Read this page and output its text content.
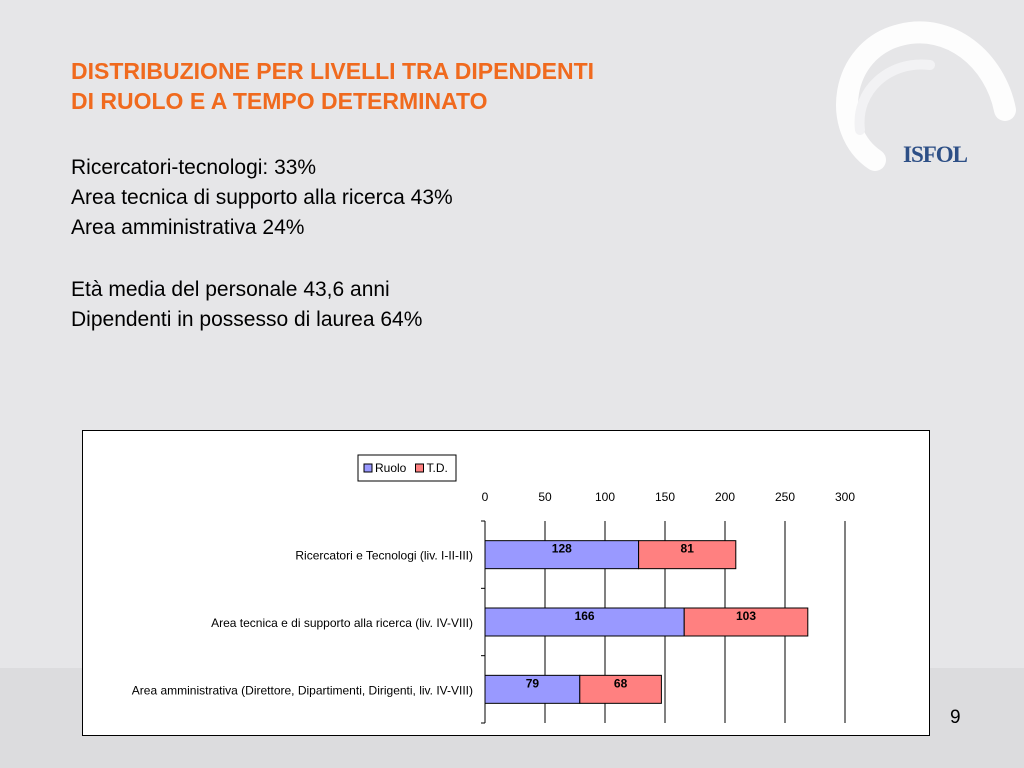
ISFOL
DISTRIBUZIONE PER LIVELLI TRA DIPENDENTI
DI RUOLO E A TEMPO DETERMINATO
Ricercatori-tecnologi: 33%
Area tecnica di supporto alla ricerca 43%
Area amministrativa 24%
Età media del personale 43,6 anni
Dipendenti in possesso di laurea 64%
0	50	100	150	200	250	300
Ricercatori e Tecnologi (liv. I-II-III)	128	81
Area tecnica e di supporto alla ricerca (liv. IV-VIII)	166	103
Area amministrativa (Direttore, Dipartimenti, Dirigenti, liv. IV-VIII)	79	68
Ruolo T.D.
9
